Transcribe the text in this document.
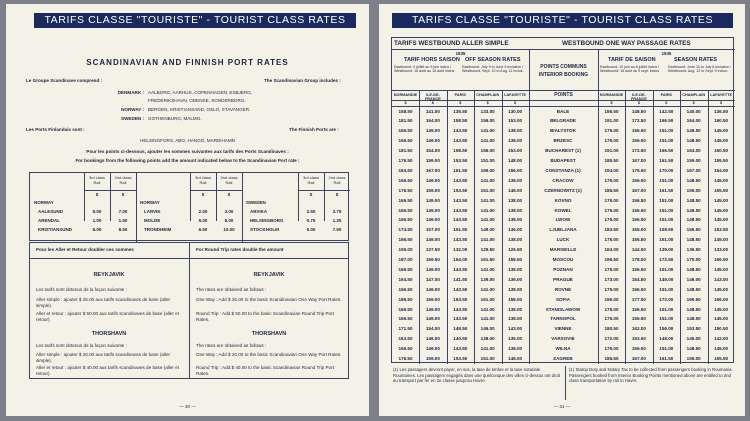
TARIFS CLASSE "TOURISTE" - TOURIST CLASS RATES
SCANDINAVIAN AND FINNISH PORT RATES
Le Groupe Scandinave comprend :	The Scandinavian Group includes :
DENMARK : AALBORG, AARHUS, COPENHAGEN, ESBJERG,
FREDERIKSHAVN, ODENSE, SONDERBORG.
NORWAY : BERGEN, KRISTIANSAND, OSLO, STAVANGER.
SWEDEN : GOTHENBURG, MALMO.
Les Ports Finlandais sont :	The Finnish Ports are :
HELSINGFORS, ABO, HANGO, MARIEHAMN
Pour les points ci-dessous, ajouter les sommes suivantes aux tarifs des Ports Scandinaves :
For bookings from the following points add the amount indicated below to the Scandinavian Port rate :
3rd class Rail
2nd class Rail
$	$
NORWAY
AALESUND	5.00	7.00
ARENDAL	1.00	1.50
KRISTIANSUND	6.00	8.50
3rd class Rail
2nd class Rail
$	$
NORWAY
LARVIK	2.00	3.00
MOLDE	5.00	8.00
TRONDHEIM	6.50	10.00
3rd class Rail
2nd class Rail
$	$
SWEDEN
ARVIKA	2.50	3.75
HELSINGBORG	0.75	1.25
STOCKHOLM	5.00	7.50
Pour les Aller et Retour doubler ces sommes	For Round Trip rates double the amount
REYKJAVIK	REYKJAVIK
Les tarifs sont obtenus de la façon suivante :
Aller simple : ajouter $ 25.00 aux tarifs scandinaves de base (aller simple).
Aller et retour : ajouter $ 50.00 aux tarifs scandinaves de base (aller et retour).
The rates are obtained as follows :
One Way : Add $ 25.00 to the basic Scandinavian One Way Port Rates.
Round Trip : Add $ 50.00 to the basic Scandinavian Round Trip Port Rates.
THORSHAVN	THORSHAVN
Les tarifs sont obtenus de la façon suivante :
Aller simple : ajouter $ 20.00 aux tarifs scandinaves de base (aller simple).
Aller et retour : ajouter $ 40.00 aux tarifs scandinaves de base (aller et retour).
The rates are obtained as follows :
One Way : Add $ 20.00 to the basic Scandinavian One Way Port Rates.
Round Trip : Add $ 40.00 to the basic Scandinavian Round Trip Port Rates.
— 30 —
TARIFS CLASSE "TOURISTE" - TOURIST CLASS RATES
TARIFS WESTBOUND ALLER SIMPLE	WESTBOUND ONE WAY PASSAGE RATES
1935
TARIF HORS SAISON OFF SEASON RATES
Eastbound: 9 juillet au 9 juin inclus / Westbound: 18 août au 15 août inclus
Eastbound: July 9 to June 9 inclusive / Westbound: Sept. 10 to Aug. 11 inclus.
POINTS COMMUNS
INTERIOR BOOKING
POINTS
1935
TARIF DE SAISON	SEASON RATES
Eastbound: 10 juin au 8 juillet inclus / Westbound: 15 août au 9 sept. inclus
Eastbound: June 10 to July 8 inclusive / Westbound: Aug. 12 to Sept. 9 inclus.
NORMANDIE	NORMANDIE
$	$
ILE-DE-FRANCE
ILE-DE-FRANCE
$	$
PARIS	PARIS
$	$
CHAMPLAIN	CHAMPLAIN
$	$
LAFAYETTE	LAFAYETTE
$	$
158.50	141.00	135.50	133.00	130.00	BALE	166.50	148.50	142.50	140.00	136.50
181.50	164.00	158.50	156.00	153.00	BELGRADE	191.00	172.50	166.50	164.00	160.50
166.50	149.00	143.50	141.00	138.00	BIALYSTOK	175.00	156.50	151.00	148.50	145.00
166.50	149.00	143.50	141.00	138.00	BRZESC	175.00	156.50	151.00	148.50	145.00
181.50	164.00	158.50	156.00	153.00	BUCHAREST (1)	191.00	172.50	166.50	164.00	160.50
176.50	159.00	153.50	151.00	148.00	BUDAPEST	185.50	167.00	161.50	159.00	155.50
184.50	167.00	161.50	159.00	156.00	CONSTANZA (1)	194.00	175.50	170.00	167.00	164.00
166.50	149.00	143.50	141.00	138.00	CRACOW	175.00	156.50	151.00	148.50	145.00
176.50	159.00	153.50	151.00	148.00	CZERNOWITZ (1)	185.50	167.00	161.50	159.00	155.50
166.50	149.00	143.50	141.00	138.00	KOVNO	175.00	156.50	151.00	148.50	145.00
166.50	149.00	143.50	141.00	138.00	KOWEL	175.00	156.50	151.00	148.50	145.00
166.50	149.00	143.50	141.00	138.00	LWOW	175.00	156.50	151.00	148.50	145.00
174.50	157.00	151.50	149.00	146.00	LJUBLJANA	183.50	165.00	159.50	156.50	153.50
166.50	149.00	143.50	141.00	138.00	LUCK	175.00	156.50	151.00	148.50	145.00
155.00	137.50	132.00	129.50	126.50	MARSEILLE	163.00	144.50	139.00	136.50	133.00
187.00	169.50	164.00	161.50	158.50	MOSCOU	196.50	178.00	172.50	170.00	166.50
166.50	149.00	143.50	141.00	138.00	POZNAN	175.00	156.50	151.00	148.50	145.00
164.50	147.00	141.50	139.00	136.00	PRAGUE	173.00	154.50	149.00	146.00	143.00
166.50	149.00	143.50	141.00	138.00	ROVNE	175.00	156.50	151.00	148.50	145.00
186.50	169.00	163.50	161.00	158.00	SOFIA	196.00	177.50	172.00	169.50	166.00
166.50	149.00	143.50	141.00	138.00	STANISLAWOW	175.00	156.50	151.00	148.50	145.00
166.50	149.00	143.50	141.00	138.00	TARNOPOL	175.00	156.50	151.00	148.50	145.00
171.50	154.00	148.50	146.00	143.00	VIENNE	180.50	162.00	156.00	153.50	150.50
163.50	146.00	140.50	138.00	135.00	VARSOVIE	172.00	153.50	148.00	145.00	142.00
166.50	149.00	143.50	141.00	138.00	WILNA	175.00	156.50	151.00	148.50	145.00
176.50	159.00	153.50	151.00	148.00	ZAGREB	185.50	167.00	161.50	159.00	155.50
(1) Les passagers devront payer, en sus, la taxe de timbre et la taxe notariale Roumaines. Les passagers engagés dans une quelconque des villes ci-dessus ont droit au transport par fer en 2e classe jusqu'au Havre.
(1) Stamp Duty and Notary Tax to be collected from passengers booking in Roumania. Passengers booked from Interior Booking Points mentioned above are entitled to 2nd class transportation by rail to Havre.
— 31 —
